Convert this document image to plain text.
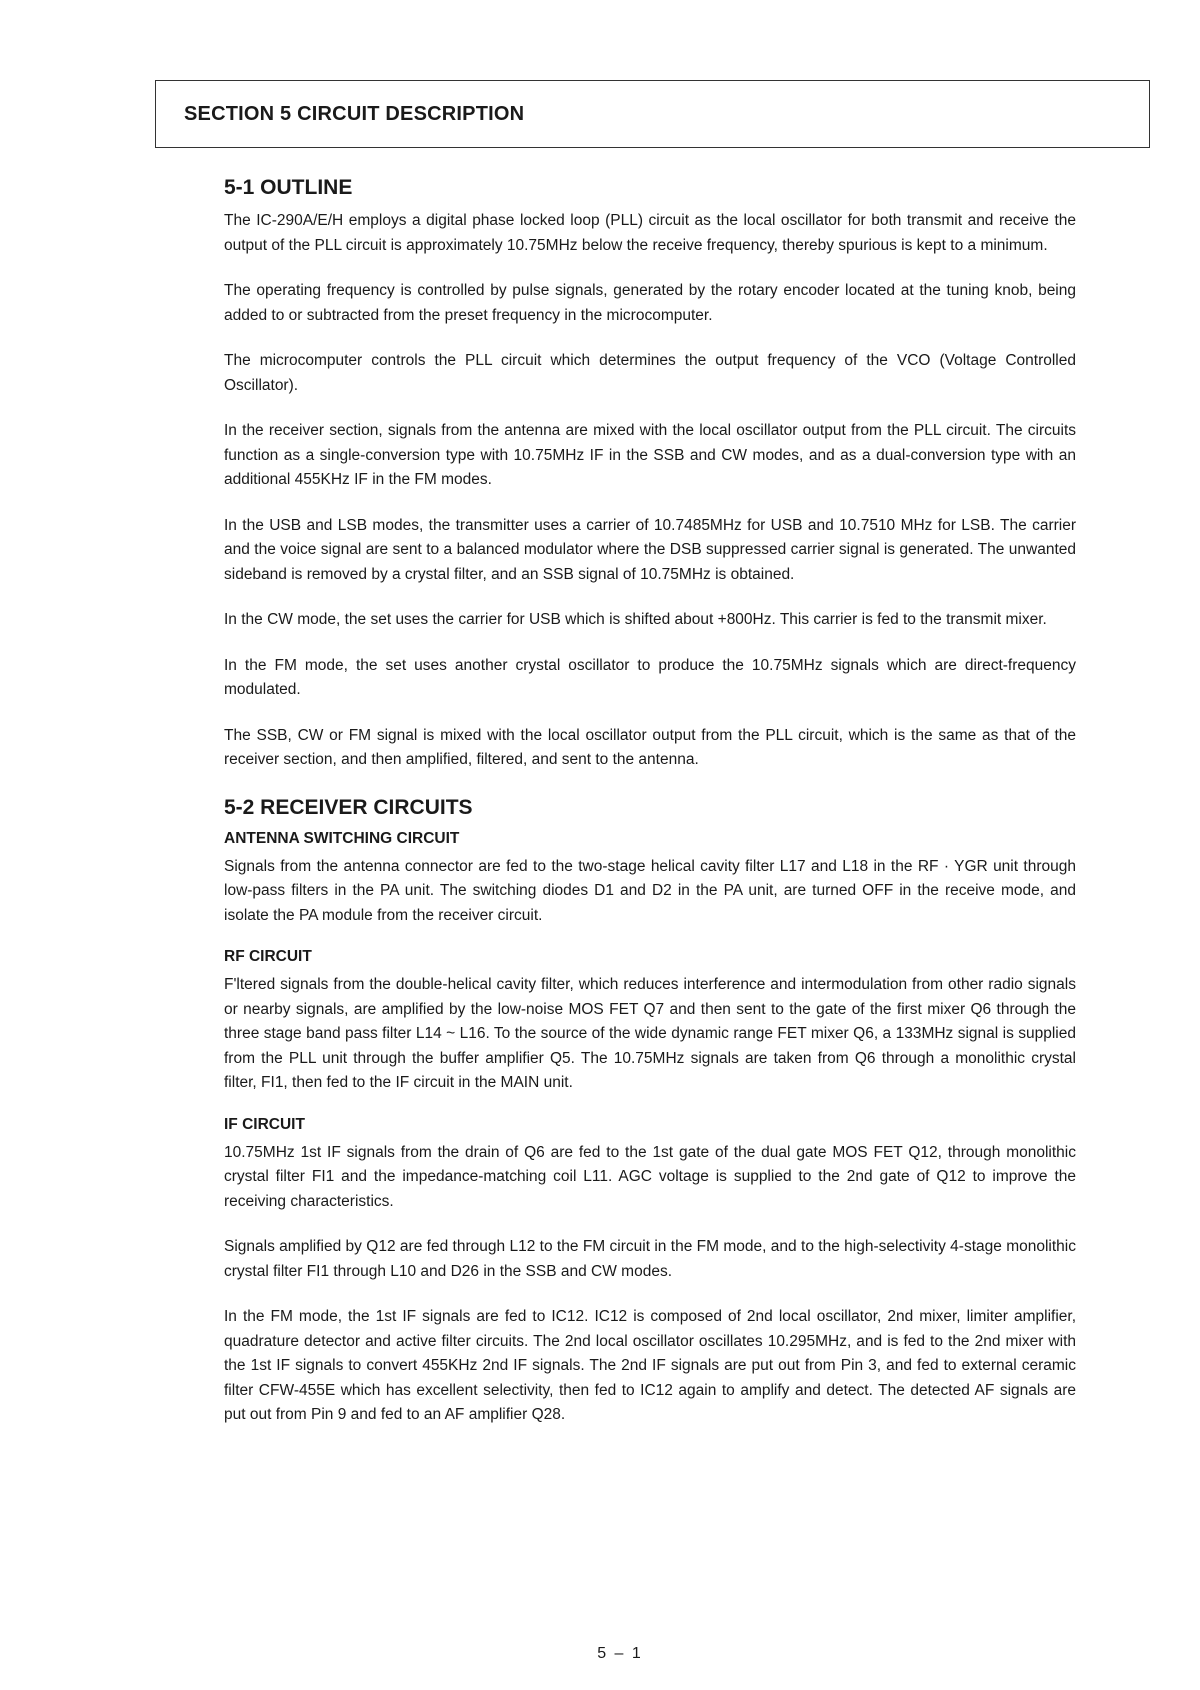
SECTION 5 CIRCUIT DESCRIPTION
5-1 OUTLINE

The IC-290A/E/H employs a digital phase locked loop (PLL) circuit as the local oscillator for both transmit and receive the output of the PLL circuit is approximately 10.75MHz below the receive frequency, thereby spurious is kept to a minimum.

The operating frequency is controlled by pulse signals, generated by the rotary encoder located at the tuning knob, being added to or subtracted from the preset frequency in the microcomputer.

The microcomputer controls the PLL circuit which determines the output frequency of the VCO (Voltage Controlled Oscillator).

In the receiver section, signals from the antenna are mixed with the local oscillator output from the PLL circuit. The circuits function as a single-conversion type with 10.75MHz IF in the SSB and CW modes, and as a dual-conversion type with an additional 455KHz IF in the FM modes.

In the USB and LSB modes, the transmitter uses a carrier of 10.7485MHz for USB and 10.7510 MHz for LSB. The carrier and the voice signal are sent to a balanced modulator where the DSB suppressed carrier signal is generated. The unwanted sideband is removed by a crystal filter, and an SSB signal of 10.75MHz is obtained.

In the CW mode, the set uses the carrier for USB which is shifted about +800Hz. This carrier is fed to the transmit mixer.

In the FM mode, the set uses another crystal oscillator to produce the 10.75MHz signals which are direct-frequency modulated.

The SSB, CW or FM signal is mixed with the local oscillator output from the PLL circuit, which is the same as that of the receiver section, and then amplified, filtered, and sent to the antenna.

5-2 RECEIVER CIRCUITS
ANTENNA SWITCHING CIRCUIT

Signals from the antenna connector are fed to the two-stage helical cavity filter L17 and L18 in the RF · YGR unit through low-pass filters in the PA unit. The switching diodes D1 and D2 in the PA unit, are turned OFF in the receive mode, and isolate the PA module from the receiver circuit.

RF CIRCUIT

F'ltered signals from the double-helical cavity filter, which reduces interference and intermodulation from other radio signals or nearby signals, are amplified by the low-noise MOS FET Q7 and then sent to the gate of the first mixer Q6 through the three stage band pass filter L14 ~ L16. To the source of the wide dynamic range FET mixer Q6, a 133MHz signal is supplied from the PLL unit through the buffer amplifier Q5. The 10.75MHz signals are taken from Q6 through a monolithic crystal filter, FI1, then fed to the IF circuit in the MAIN unit.

IF CIRCUIT

10.75MHz 1st IF signals from the drain of Q6 are fed to the 1st gate of the dual gate MOS FET Q12, through monolithic crystal filter FI1 and the impedance-matching coil L11. AGC voltage is supplied to the 2nd gate of Q12 to improve the receiving characteristics.

Signals amplified by Q12 are fed through L12 to the FM circuit in the FM mode, and to the high-selectivity 4-stage monolithic crystal filter FI1 through L10 and D26 in the SSB and CW modes.

In the FM mode, the 1st IF signals are fed to IC12. IC12 is composed of 2nd local oscillator, 2nd mixer, limiter amplifier, quadrature detector and active filter circuits. The 2nd local oscillator oscillates 10.295MHz, and is fed to the 2nd mixer with the 1st IF signals to convert 455KHz 2nd IF signals. The 2nd IF signals are put out from Pin 3, and fed to external ceramic filter CFW-455E which has excellent selectivity, then fed to IC12 again to amplify and detect. The detected AF signals are put out from Pin 9 and fed to an AF amplifier Q28.

5 – 1
